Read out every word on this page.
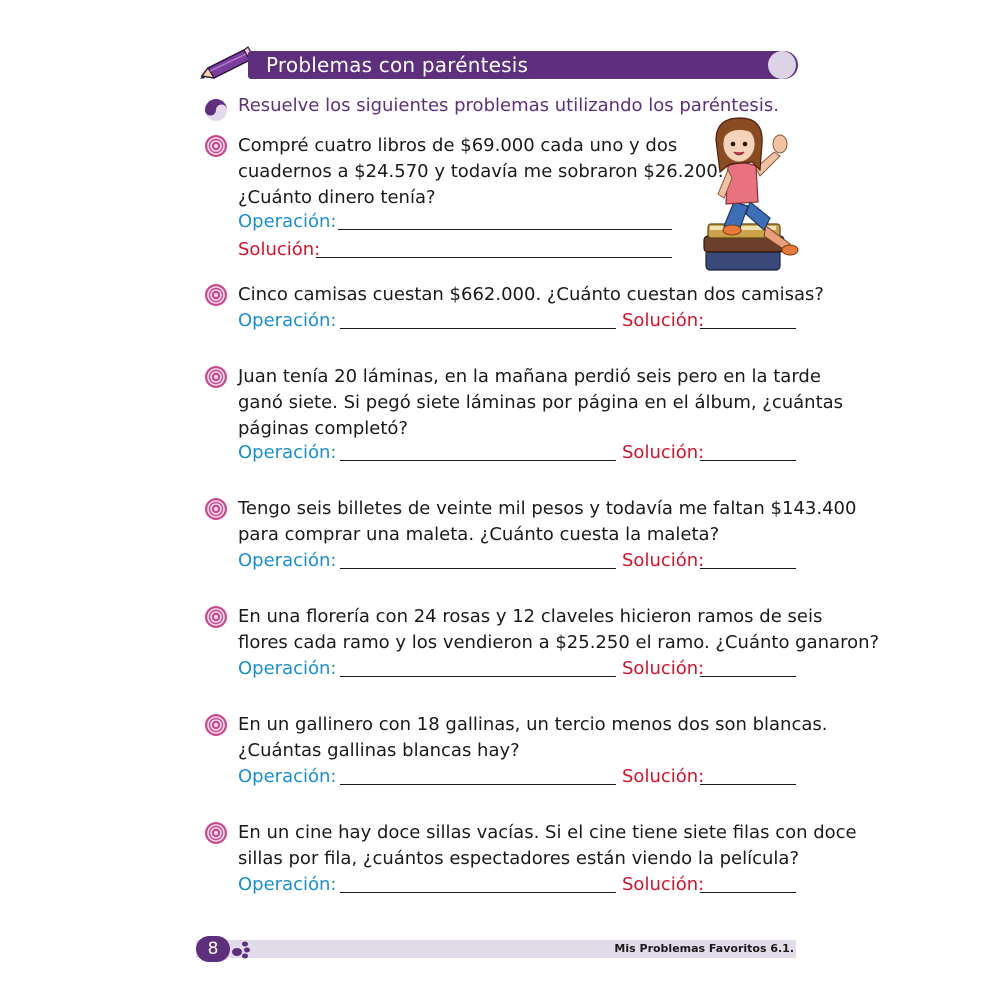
Problemas con paréntesis
Resuelve los siguientes problemas utilizando los paréntesis.
Compré cuatro libros de $69.000 cada uno y dos
cuadernos a $24.570 y todavía me sobraron $26.200.
¿Cuánto dinero tenía?
Operación:
Solución:
Cinco camisas cuestan $662.000. ¿Cuánto cuestan dos camisas?
Operación:	Solución:
Juan tenía 20 láminas, en la mañana perdió seis pero en la tarde
ganó siete. Si pegó siete láminas por página en el álbum, ¿cuántas
páginas completó?
Operación:	Solución:
Tengo seis billetes de veinte mil pesos y todavía me faltan $143.400
para comprar una maleta. ¿Cuánto cuesta la maleta?
Operación:	Solución:
En una florería con 24 rosas y 12 claveles hicieron ramos de seis
flores cada ramo y los vendieron a $25.250 el ramo. ¿Cuánto ganaron?
Operación:	Solución:
En un gallinero con 18 gallinas, un tercio menos dos son blancas.
¿Cuántas gallinas blancas hay?
Operación:	Solución:
En un cine hay doce sillas vacías. Si el cine tiene siete filas con doce
sillas por fila, ¿cuántos espectadores están viendo la película?
Operación:	Solución:
8	Mis Problemas Favoritos 6.1.
